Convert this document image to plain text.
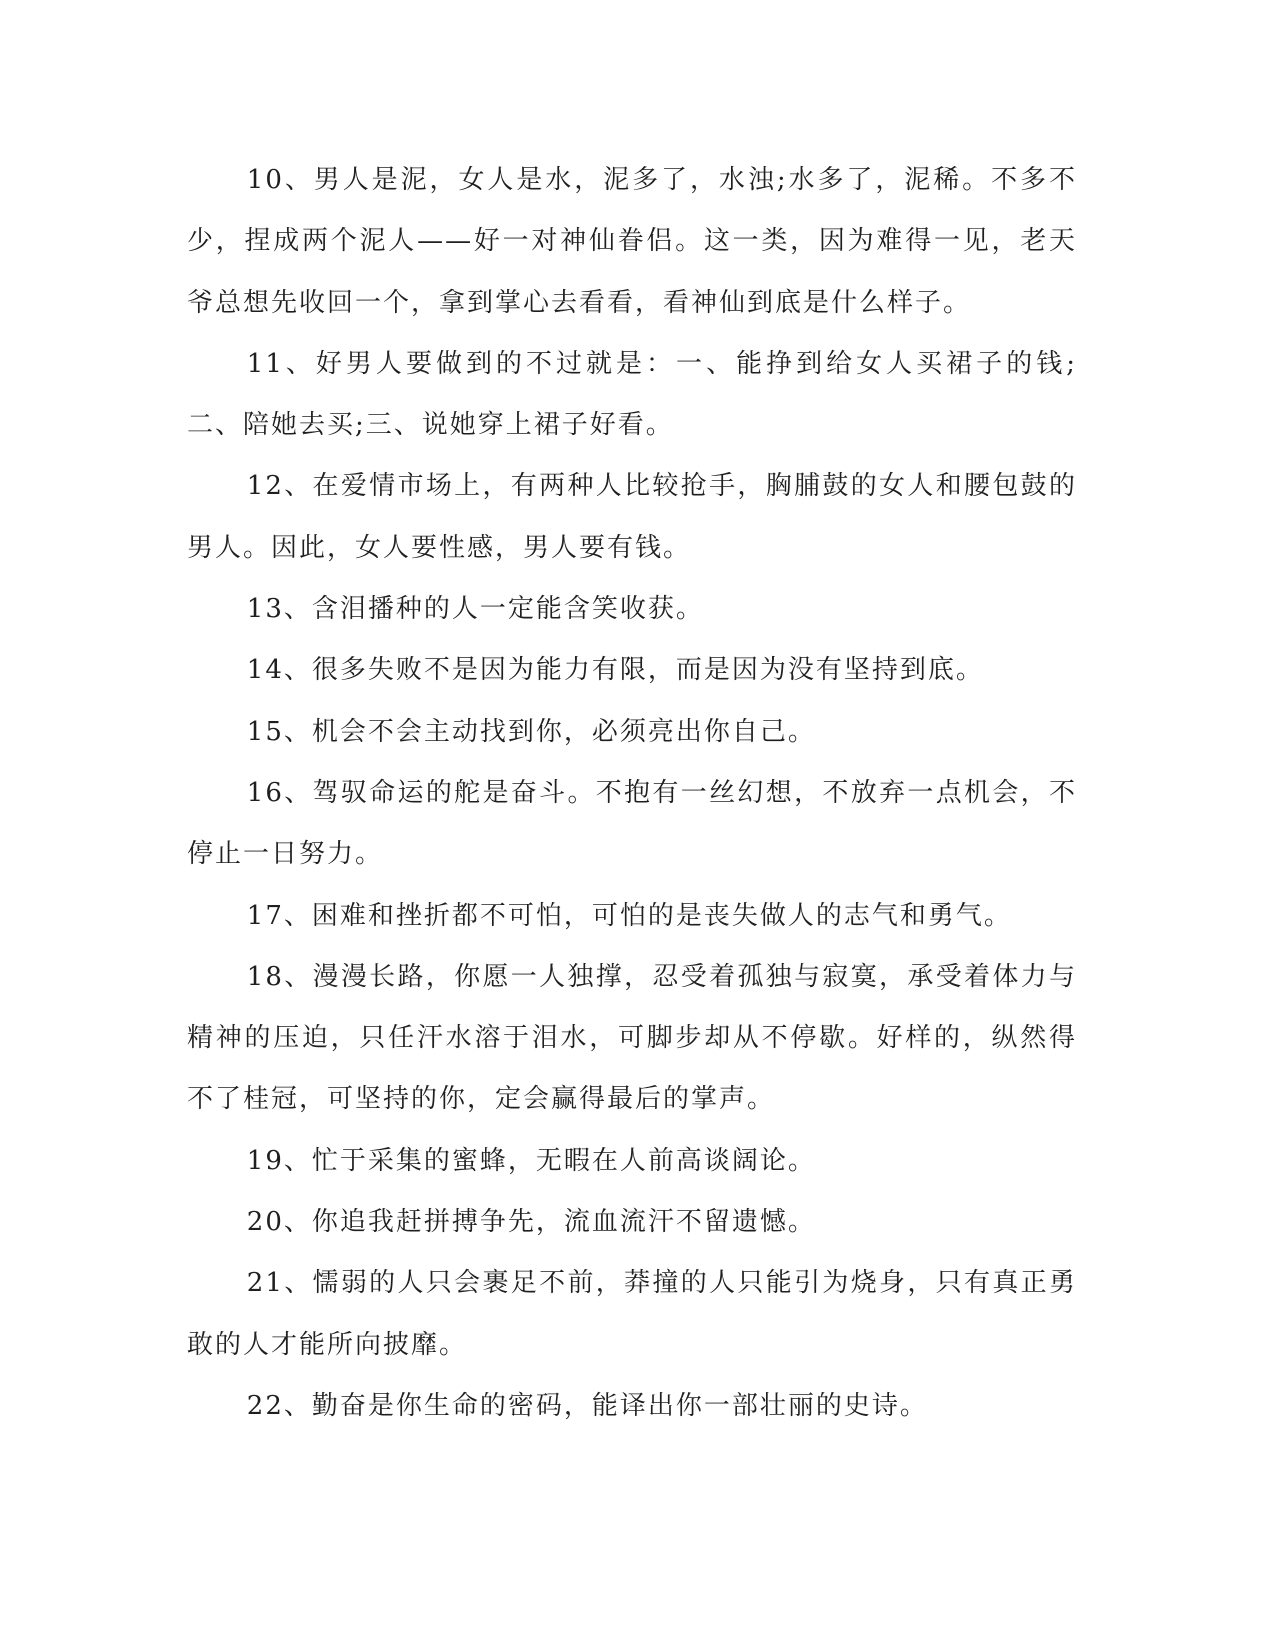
10、男人是泥，女人是水，泥多了，水浊;水多了，泥稀。不多不少，捏成两个泥人——好一对神仙眷侣。这一类，因为难得一见，老天爷总想先收回一个，拿到掌心去看看，看神仙到底是什么样子。

11、好男人要做到的不过就是：一、能挣到给女人买裙子的钱;二、陪她去买;三、说她穿上裙子好看。

12、在爱情市场上，有两种人比较抢手，胸脯鼓的女人和腰包鼓的男人。因此，女人要性感，男人要有钱。

13、含泪播种的人一定能含笑收获。

14、很多失败不是因为能力有限，而是因为没有坚持到底。

15、机会不会主动找到你，必须亮出你自己。

16、驾驭命运的舵是奋斗。不抱有一丝幻想，不放弃一点机会，不停止一日努力。

17、困难和挫折都不可怕，可怕的是丧失做人的志气和勇气。

18、漫漫长路，你愿一人独撑，忍受着孤独与寂寞，承受着体力与精神的压迫，只任汗水溶于泪水，可脚步却从不停歇。好样的，纵然得不了桂冠，可坚持的你，定会赢得最后的掌声。

19、忙于采集的蜜蜂，无暇在人前高谈阔论。

20、你追我赶拼搏争先，流血流汗不留遗憾。

21、懦弱的人只会裹足不前，莽撞的人只能引为烧身，只有真正勇敢的人才能所向披靡。

22、勤奋是你生命的密码，能译出你一部壮丽的史诗。
